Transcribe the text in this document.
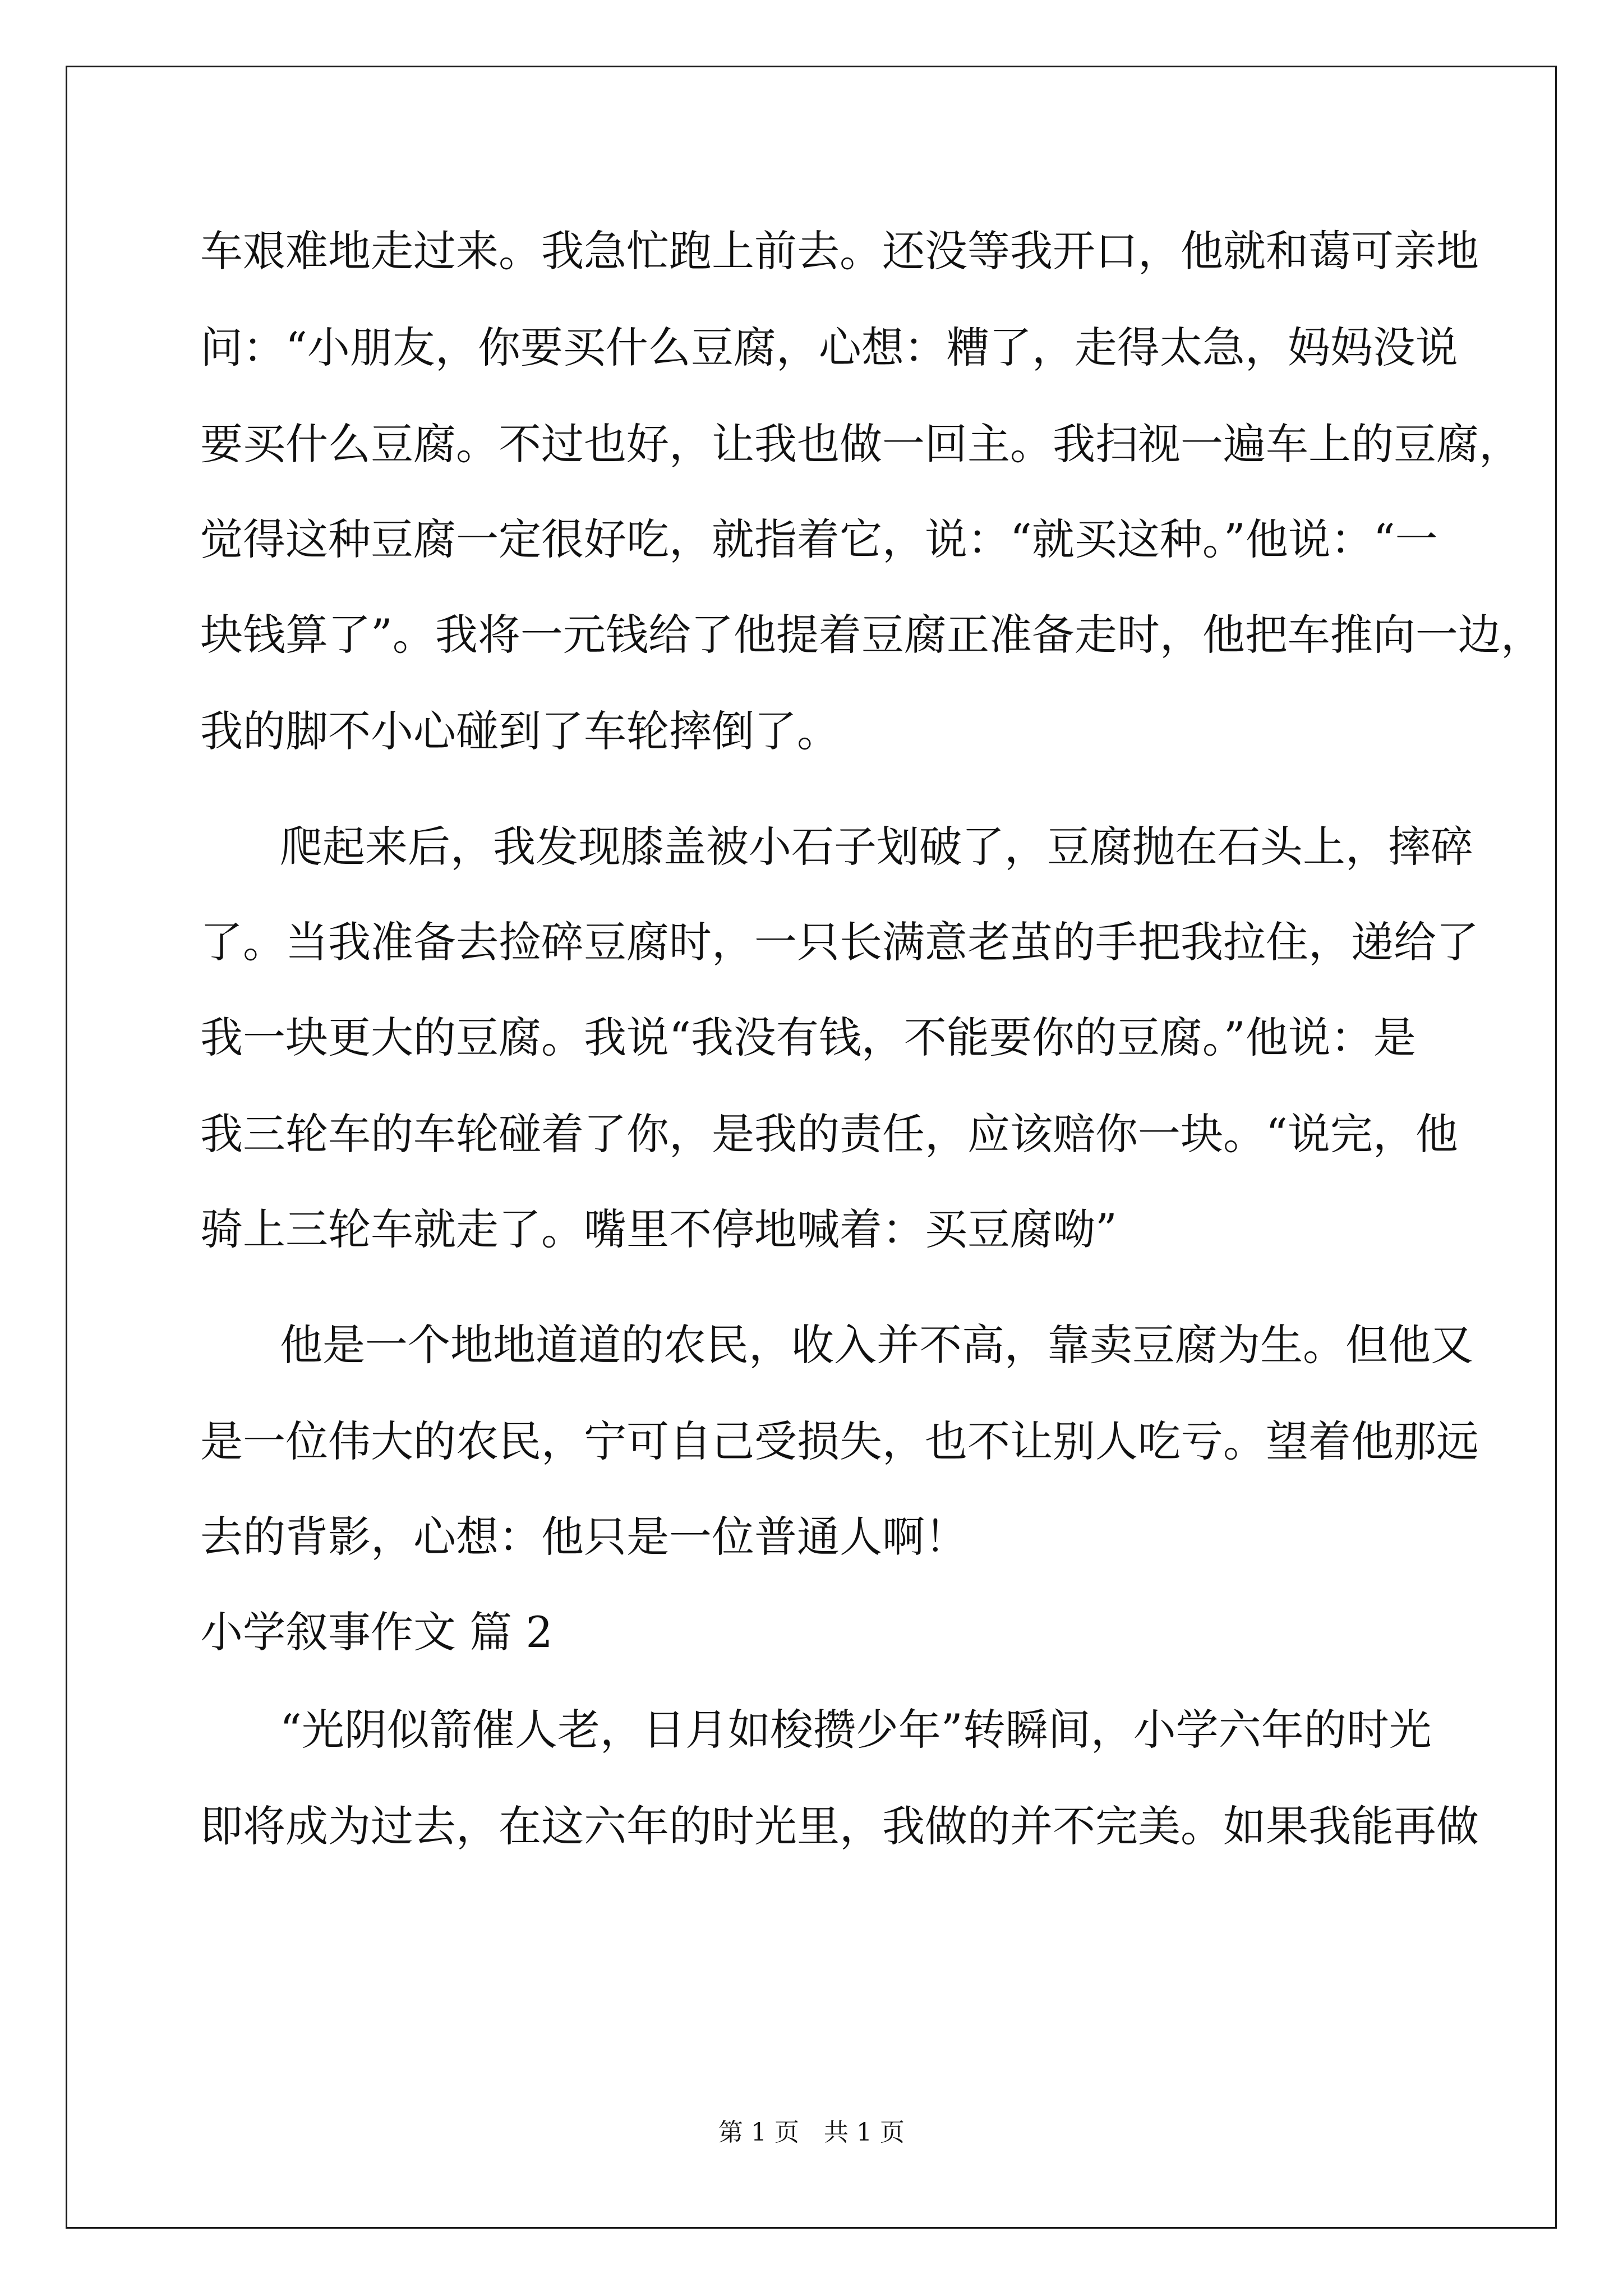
车艰难地走过来。我急忙跑上前去。还没等我开口，他就和蔼可亲地

问：“小朋友，你要买什么豆腐，心想：糟了，走得太急，妈妈没说

要买什么豆腐。不过也好，让我也做一回主。我扫视一遍车上的豆腐，

觉得这种豆腐一定很好吃，就指着它，说：“就买这种。”他说：“一

块钱算了”。我将一元钱给了他提着豆腐正准备走时，他把车推向一边，

我的脚不小心碰到了车轮摔倒了。

爬起来后，我发现膝盖被小石子划破了，豆腐抛在石头上，摔碎

了。当我准备去捡碎豆腐时，一只长满意老茧的手把我拉住，递给了

我一块更大的豆腐。我说“我没有钱，不能要你的豆腐。”他说：是

我三轮车的车轮碰着了你，是我的责任，应该赔你一块。“说完，他

骑上三轮车就走了。嘴里不停地喊着：买豆腐呦”

他是一个地地道道的农民，收入并不高，靠卖豆腐为生。但他又

是一位伟大的农民，宁可自己受损失，也不让别人吃亏。望着他那远

去的背影，心想：他只是一位普通人啊！

小学叙事作文 篇 2

“光阴似箭催人老，日月如梭攒少年”转瞬间，小学六年的时光

即将成为过去，在这六年的时光里，我做的并不完美。如果我能再做

第 1 页 共 1 页
